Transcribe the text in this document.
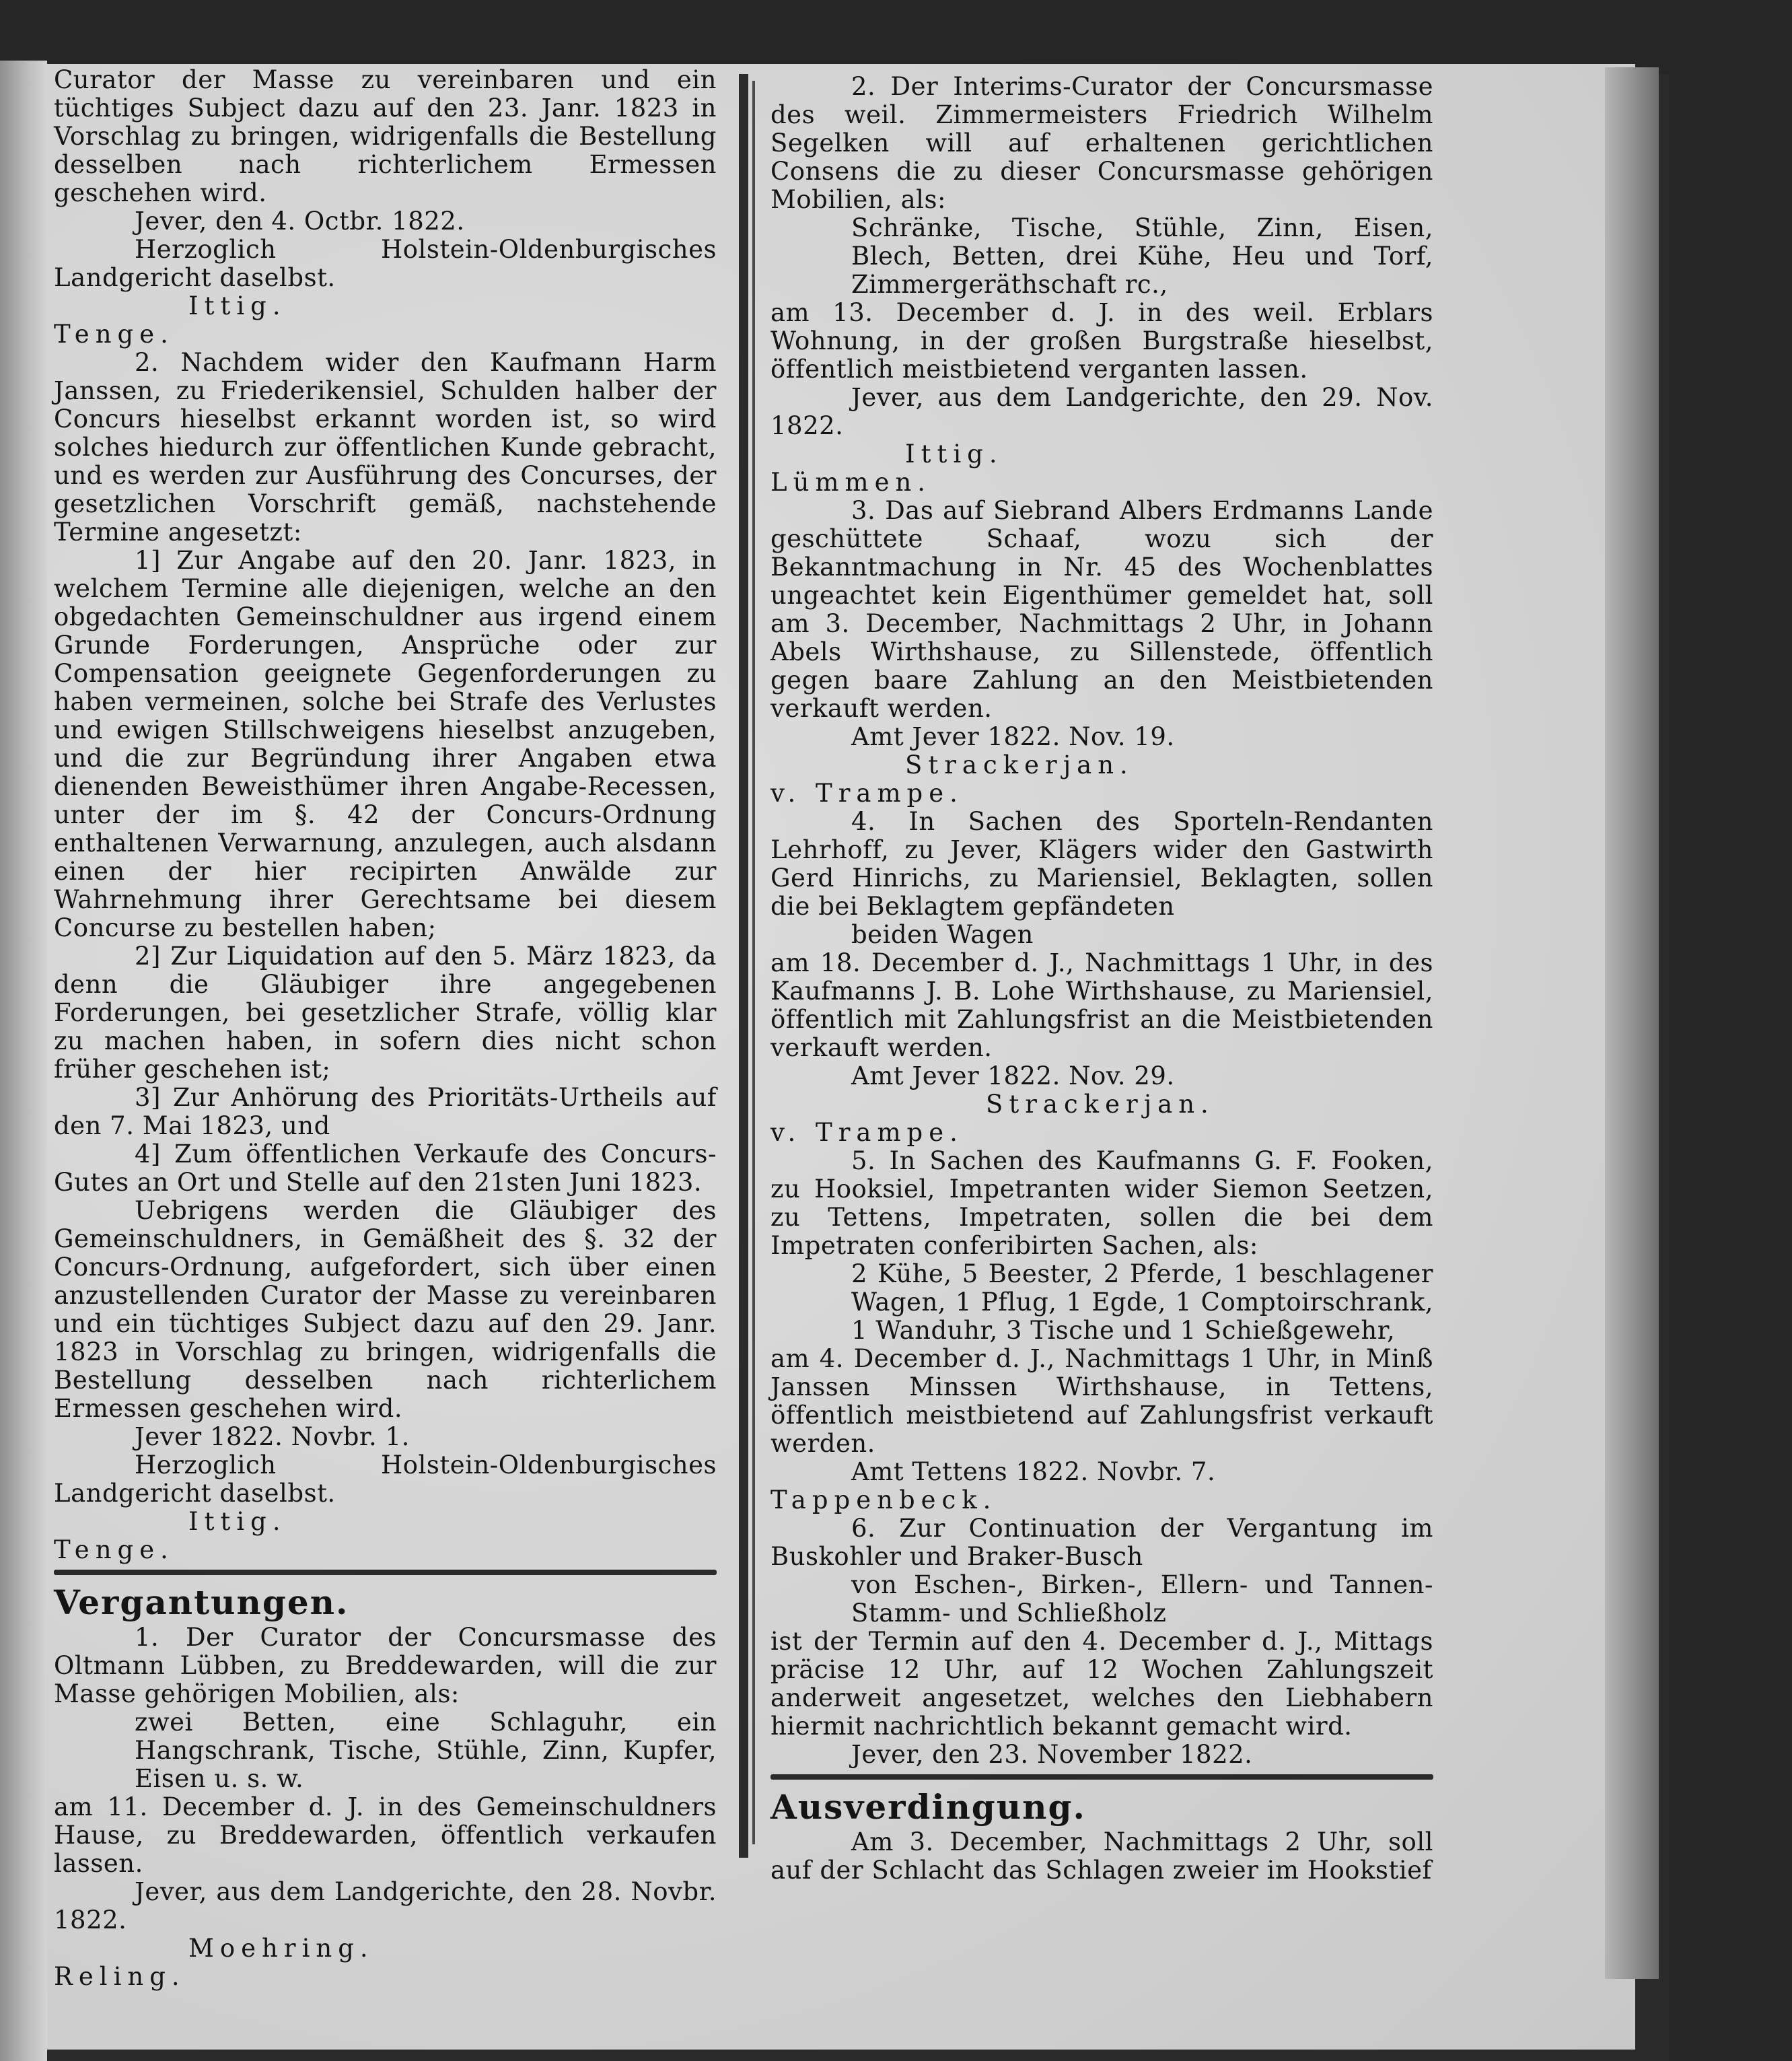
Curator der Masse zu vereinbaren und ein tüchtiges Subject dazu auf den 23. Janr. 1823 in Vorschlag zu bringen, widrigenfalls die Bestellung desselben nach richterlichem Ermessen geschehen wird.

Jever, den 4. Octbr. 1822.

Herzoglich Holstein-Oldenburgisches Landgericht daselbst.

Ittig.

Tenge.

2. Nachdem wider den Kaufmann Harm Janssen, zu Friederikensiel, Schulden halber der Concurs hieselbst erkannt worden ist, so wird solches hiedurch zur öffentlichen Kunde gebracht, und es werden zur Ausführung des Concurses, der gesetzlichen Vorschrift gemäß, nachstehende Termine angesetzt:

1] Zur Angabe auf den 20. Janr. 1823, in welchem Termine alle diejenigen, welche an den obgedachten Gemeinschuldner aus irgend einem Grunde Forderungen, Ansprüche oder zur Compensation geeignete Gegenforderungen zu haben vermeinen, solche bei Strafe des Verlustes und ewigen Stillschweigens hieselbst anzugeben, und die zur Begründung ihrer Angaben etwa dienenden Beweisthümer ihren Angabe-Recessen, unter der im §. 42 der Concurs-Ordnung enthaltenen Verwarnung, anzulegen, auch alsdann einen der hier recipirten Anwälde zur Wahrnehmung ihrer Gerechtsame bei diesem Concurse zu bestellen haben;

2] Zur Liquidation auf den 5. März 1823, da denn die Gläubiger ihre angegebenen Forderungen, bei gesetzlicher Strafe, völlig klar zu machen haben, in sofern dies nicht schon früher geschehen ist;

3] Zur Anhörung des Prioritäts-Urtheils auf den 7. Mai 1823, und

4] Zum öffentlichen Verkaufe des Concurs-Gutes an Ort und Stelle auf den 21sten Juni 1823.

Uebrigens werden die Gläubiger des Gemeinschuldners, in Gemäßheit des §. 32 der Concurs-Ordnung, aufgefordert, sich über einen anzustellenden Curator der Masse zu vereinbaren und ein tüchtiges Subject dazu auf den 29. Janr. 1823 in Vorschlag zu bringen, widrigenfalls die Bestellung desselben nach richterlichem Ermessen geschehen wird.

Jever 1822. Novbr. 1.

Herzoglich Holstein-Oldenburgisches Landgericht daselbst.

Ittig.

Tenge.

Vergantungen.

1. Der Curator der Concursmasse des Oltmann Lübben, zu Breddewarden, will die zur Masse gehörigen Mobilien, als:

zwei Betten, eine Schlaguhr, ein Hangschrank, Tische, Stühle, Zinn, Kupfer, Eisen u. s. w.

am 11. December d. J. in des Gemeinschuldners Hause, zu Breddewarden, öffentlich verkaufen lassen.

Jever, aus dem Landgerichte, den 28. Novbr. 1822.

Moehring.

Reling.

2. Der Interims-Curator der Concursmasse des weil. Zimmermeisters Friedrich Wilhelm Segelken will auf erhaltenen gerichtlichen Consens die zu dieser Concursmasse gehörigen Mobilien, als:

Schränke, Tische, Stühle, Zinn, Eisen, Blech, Betten, drei Kühe, Heu und Torf, Zimmergeräthschaft rc.,

am 13. December d. J. in des weil. Erblars Wohnung, in der großen Burgstraße hieselbst, öffentlich meistbietend verganten lassen.

Jever, aus dem Landgerichte, den 29. Nov. 1822.

Ittig.

Lümmen.

3. Das auf Siebrand Albers Erdmanns Lande geschüttete Schaaf, wozu sich der Bekanntmachung in Nr. 45 des Wochenblattes ungeachtet kein Eigenthümer gemeldet hat, soll am 3. December, Nachmittags 2 Uhr, in Johann Abels Wirthshause, zu Sillenstede, öffentlich gegen baare Zahlung an den Meistbietenden verkauft werden.

Amt Jever 1822. Nov. 19.

Strackerjan.

v. Trampe.

4. In Sachen des Sporteln-Rendanten Lehrhoff, zu Jever, Klägers wider den Gastwirth Gerd Hinrichs, zu Mariensiel, Beklagten, sollen die bei Beklagtem gepfändeten

beiden Wagen

am 18. December d. J., Nachmittags 1 Uhr, in des Kaufmanns J. B. Lohe Wirthshause, zu Mariensiel, öffentlich mit Zahlungsfrist an die Meistbietenden verkauft werden.

Amt Jever 1822. Nov. 29.

Strackerjan.

v. Trampe.

5. In Sachen des Kaufmanns G. F. Fooken, zu Hooksiel, Impetranten wider Siemon Seetzen, zu Tettens, Impetraten, sollen die bei dem Impetraten conferibirten Sachen, als:

2 Kühe, 5 Beester, 2 Pferde, 1 beschlagener Wagen, 1 Pflug, 1 Egde, 1 Comptoirschrank, 1 Wanduhr, 3 Tische und 1 Schießgewehr,

am 4. December d. J., Nachmittags 1 Uhr, in Minß Janssen Minssen Wirthshause, in Tettens, öffentlich meistbietend auf Zahlungsfrist verkauft werden.

Amt Tettens 1822. Novbr. 7.

Tappenbeck.

6. Zur Continuation der Vergantung im Buskohler und Braker-Busch

von Eschen-, Birken-, Ellern- und Tannen-Stamm- und Schließholz

ist der Termin auf den 4. December d. J., Mittags präcise 12 Uhr, auf 12 Wochen Zahlungszeit anderweit angesetzet, welches den Liebhabern hiermit nachrichtlich bekannt gemacht wird.

Jever, den 23. November 1822.

Ausverdingung.

Am 3. December, Nachmittags 2 Uhr, soll auf der Schlacht das Schlagen zweier im Hookstief
